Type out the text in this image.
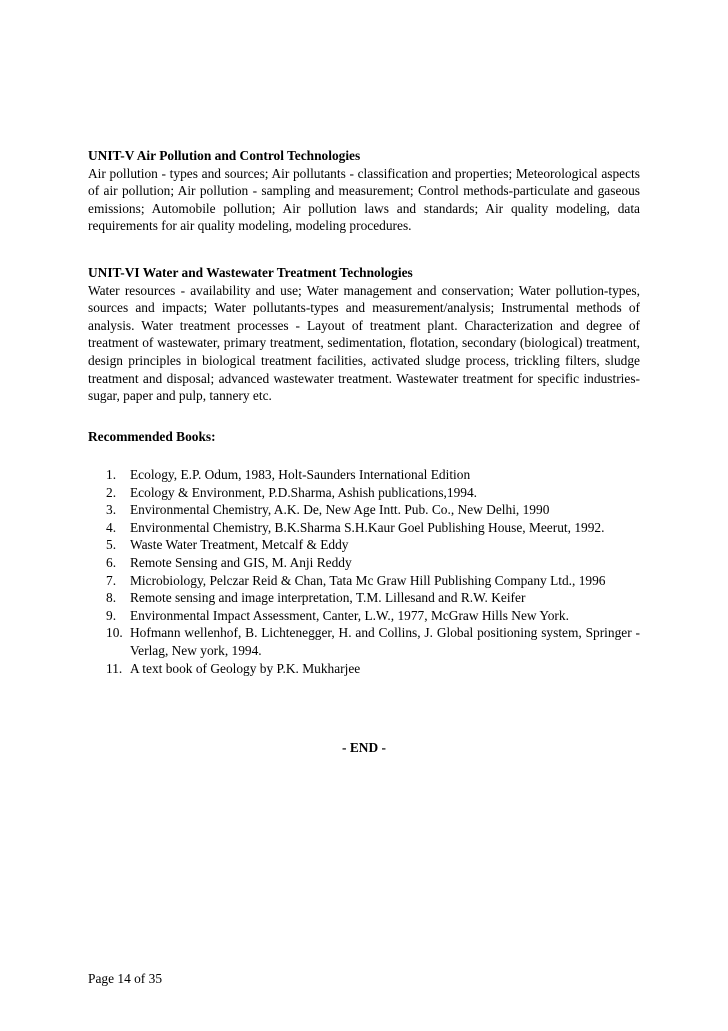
UNIT-V Air Pollution and Control Technologies
Air pollution - types and sources; Air pollutants - classification and properties; Meteorological aspects of air pollution; Air pollution - sampling and measurement; Control methods-particulate and gaseous emissions; Automobile pollution; Air pollution laws and standards; Air quality modeling, data requirements for air quality modeling, modeling procedures.
UNIT-VI Water and Wastewater Treatment Technologies
Water resources - availability and use; Water management and conservation; Water pollution-types, sources and impacts; Water pollutants-types and measurement/analysis; Instrumental methods of analysis. Water treatment processes - Layout of treatment plant. Characterization and degree of treatment of wastewater, primary treatment, sedimentation, flotation, secondary (biological) treatment, design principles in biological treatment facilities, activated sludge process, trickling filters, sludge treatment and disposal; advanced wastewater treatment. Wastewater treatment for specific industries- sugar, paper and pulp, tannery etc.
Recommended Books:
1. Ecology, E.P. Odum, 1983, Holt-Saunders International Edition
2. Ecology & Environment, P.D.Sharma, Ashish publications,1994.
3. Environmental Chemistry, A.K. De, New Age Intt. Pub. Co., New Delhi, 1990
4. Environmental Chemistry, B.K.Sharma S.H.Kaur Goel Publishing House, Meerut, 1992.
5. Waste Water Treatment, Metcalf & Eddy
6. Remote Sensing and GIS, M. Anji Reddy
7. Microbiology, Pelczar Reid & Chan, Tata Mc Graw Hill Publishing Company Ltd., 1996
8. Remote sensing and image interpretation, T.M. Lillesand and R.W. Keifer
9. Environmental Impact Assessment, Canter, L.W., 1977, McGraw Hills New York.
10. Hofmann wellenhof, B. Lichtenegger, H. and Collins, J. Global positioning system, Springer - Verlag, New york, 1994.
11. A text book of Geology by P.K. Mukharjee
- END -
Page 14 of 35
